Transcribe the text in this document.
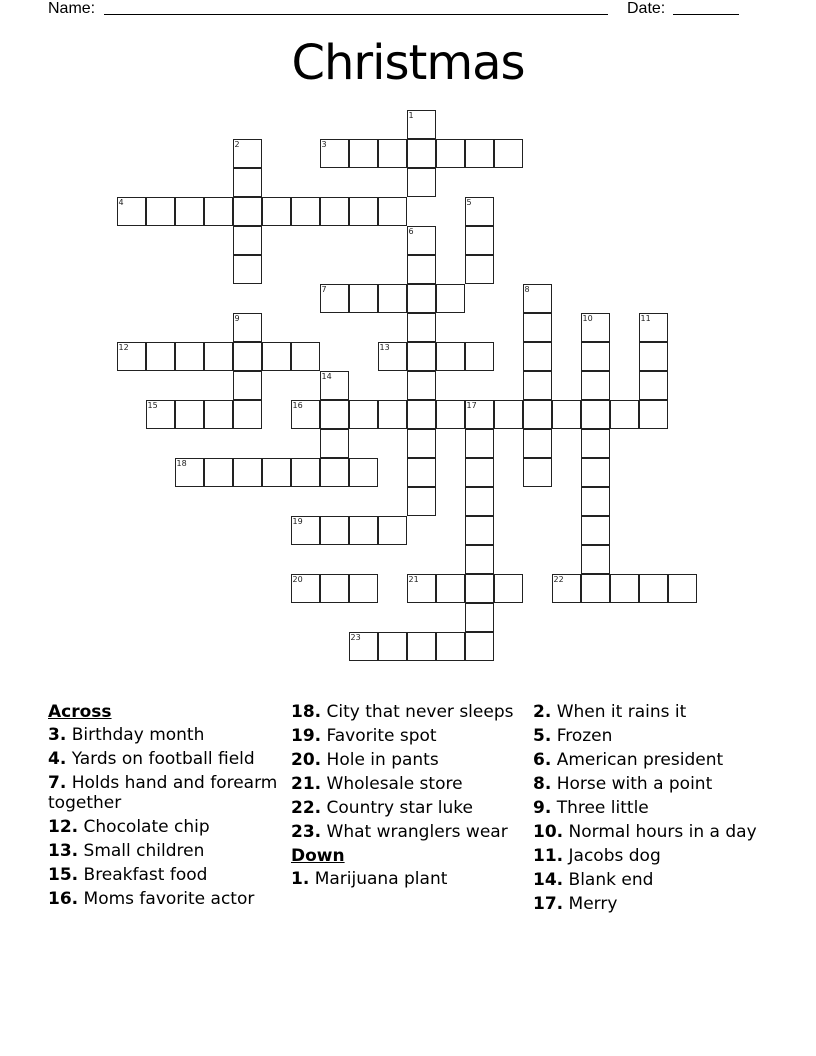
Name:	Date:
Christmas
1
2	3
4	5
6
7	8
9	10	11
12	13
14
15	16	17
18
19
20	21	22
23
Across
3. Birthday month
4. Yards on football field
7. Holds hand and forearm together
12. Chocolate chip
13. Small children
15. Breakfast food
16. Moms favorite actor
18. City that never sleeps
19. Favorite spot
20. Hole in pants
21. Wholesale store
22. Country star luke
23. What wranglers wear
Down
1. Marijuana plant
2. When it rains it
5. Frozen
6. American president
8. Horse with a point
9. Three little
10. Normal hours in a day
11. Jacobs dog
14. Blank end
17. Merry
